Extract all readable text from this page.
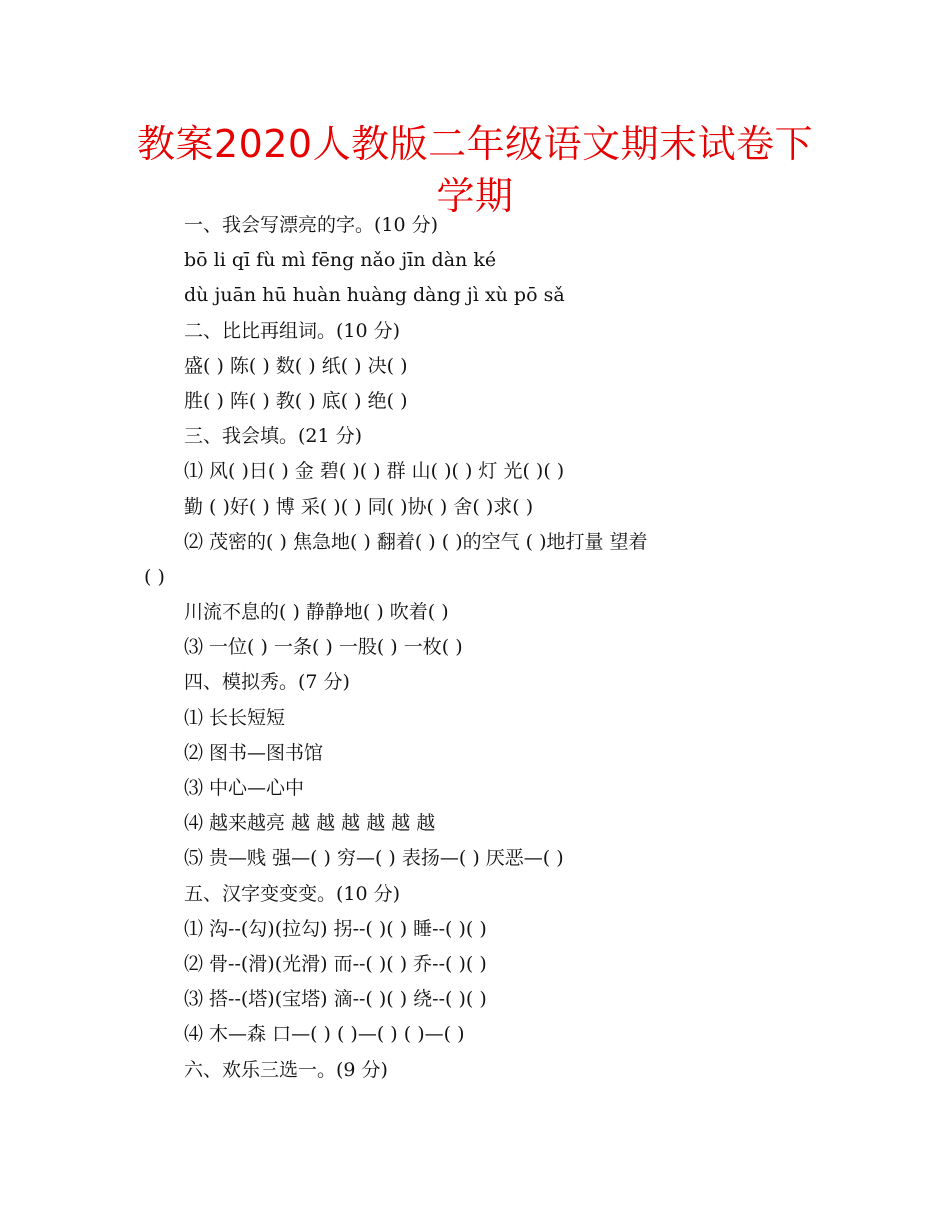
教案2020人教版二年级语文期末试卷下学期
一、我会写漂亮的字。(10 分)
bō li qī fù mì fēng nǎo jīn dàn ké
dù juān hū huàn huàng dàng jì xù pō sǎ
二、比比再组词。(10 分)
盛( ) 陈( ) 数( ) 纸( ) 决( )
胜( ) 阵( ) 教( ) 底( ) 绝( )
三、我会填。(21 分)
⑴ 风( )日( ) 金 碧( )( ) 群 山( )( ) 灯 光( )( )
勤 ( )好( ) 博 采( )( ) 同( )协( ) 舍( )求( )
⑵ 茂密的( ) 焦急地( ) 翻着( ) ( )的空气 ( )地打量 望着
( )
川流不息的( ) 静静地( ) 吹着( )
⑶ 一位( ) 一条( ) 一股( ) 一枚( )
四、模拟秀。(7 分)
⑴ 长长短短
⑵ 图书—图书馆
⑶ 中心—心中
⑷ 越来越亮 越 越 越 越 越 越
⑸ 贵—贱 强—( ) 穷—( ) 表扬—( ) 厌恶—( )
五、汉字变变变。(10 分)
⑴ 沟--(勾)(拉勾) 拐--( )( ) 睡--( )( )
⑵ 骨--(滑)(光滑) 而--( )( ) 乔--( )( )
⑶ 搭--(塔)(宝塔) 滴--( )( ) 绕--( )( )
⑷ 木—森 口—( ) ( )—( ) ( )—( )
六、欢乐三选一。(9 分)
